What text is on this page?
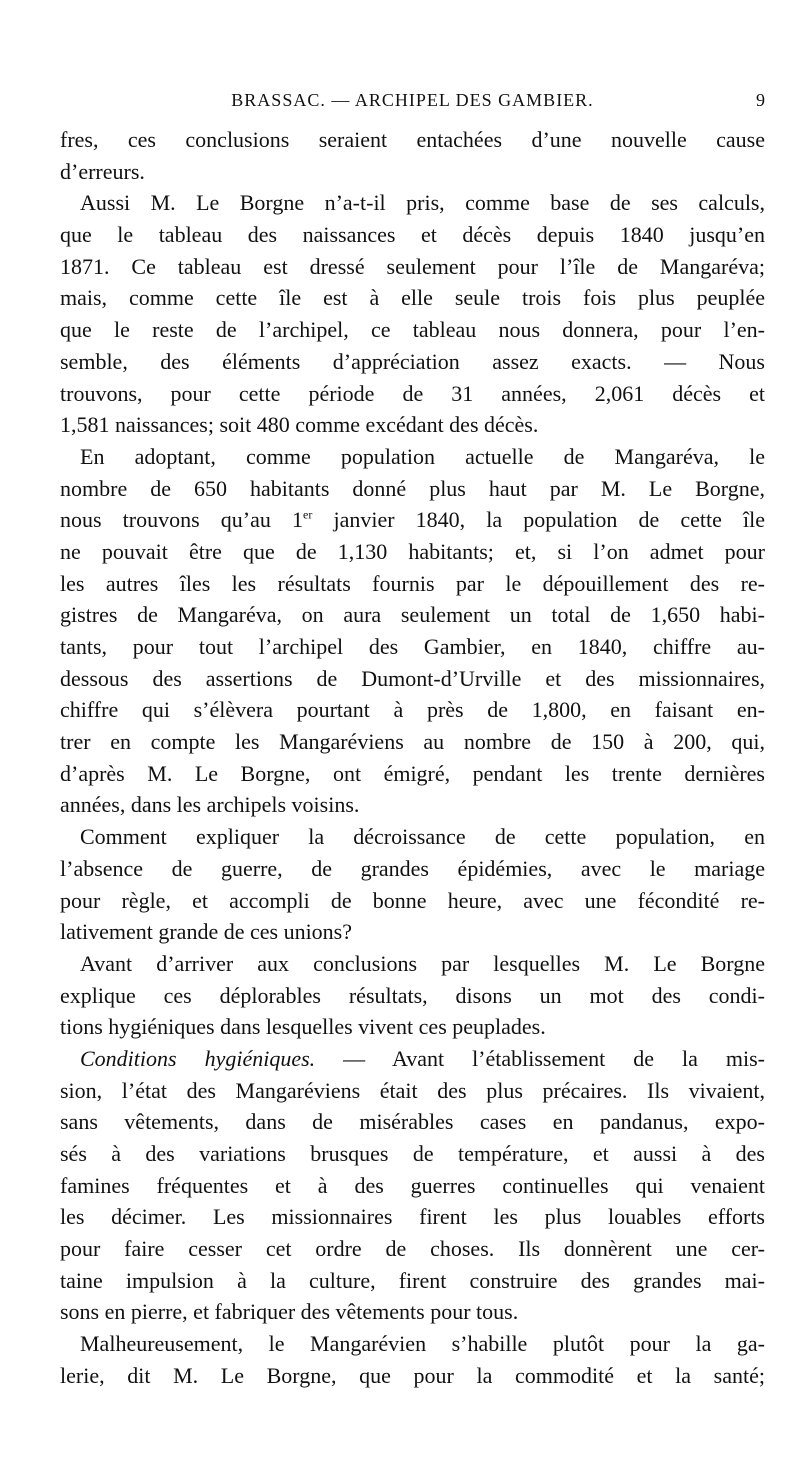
BRASSAC. — ARCHIPEL DES GAMBIER.	9
fres, ces conclusions seraient entachées d’une nouvelle cause
d’erreurs.
Aussi M. Le Borgne n’a-t-il pris, comme base de ses calculs,
que le tableau des naissances et décès depuis 1840 jusqu’en
1871. Ce tableau est dressé seulement pour l’île de Mangaréva;
mais, comme cette île est à elle seule trois fois plus peuplée
que le reste de l’archipel, ce tableau nous donnera, pour l’en-
semble, des éléments d’appréciation assez exacts. — Nous
trouvons, pour cette période de 31 années, 2,061 décès et
1,581 naissances; soit 480 comme excédant des décès.
En adoptant, comme population actuelle de Mangaréva, le
nombre de 650 habitants donné plus haut par M. Le Borgne,
nous trouvons qu’au 1er janvier 1840, la population de cette île
ne pouvait être que de 1,130 habitants; et, si l’on admet pour
les autres îles les résultats fournis par le dépouillement des re-
gistres de Mangaréva, on aura seulement un total de 1,650 habi-
tants, pour tout l’archipel des Gambier, en 1840, chiffre au-
dessous des assertions de Dumont-d’Urville et des missionnaires,
chiffre qui s’élèvera pourtant à près de 1,800, en faisant en-
trer en compte les Mangaréviens au nombre de 150 à 200, qui,
d’après M. Le Borgne, ont émigré, pendant les trente dernières
années, dans les archipels voisins.
Comment expliquer la décroissance de cette population, en
l’absence de guerre, de grandes épidémies, avec le mariage
pour règle, et accompli de bonne heure, avec une fécondité re-
lativement grande de ces unions?
Avant d’arriver aux conclusions par lesquelles M. Le Borgne
explique ces déplorables résultats, disons un mot des condi-
tions hygiéniques dans lesquelles vivent ces peuplades.
Conditions hygiéniques. — Avant l’établissement de la mis-
sion, l’état des Mangaréviens était des plus précaires. Ils vivaient,
sans vêtements, dans de misérables cases en pandanus, expo-
sés à des variations brusques de température, et aussi à des
famines fréquentes et à des guerres continuelles qui venaient
les décimer. Les missionnaires firent les plus louables efforts
pour faire cesser cet ordre de choses. Ils donnèrent une cer-
taine impulsion à la culture, firent construire des grandes mai-
sons en pierre, et fabriquer des vêtements pour tous.
Malheureusement, le Mangarévien s’habille plutôt pour la ga-
lerie, dit M. Le Borgne, que pour la commodité et la santé;
